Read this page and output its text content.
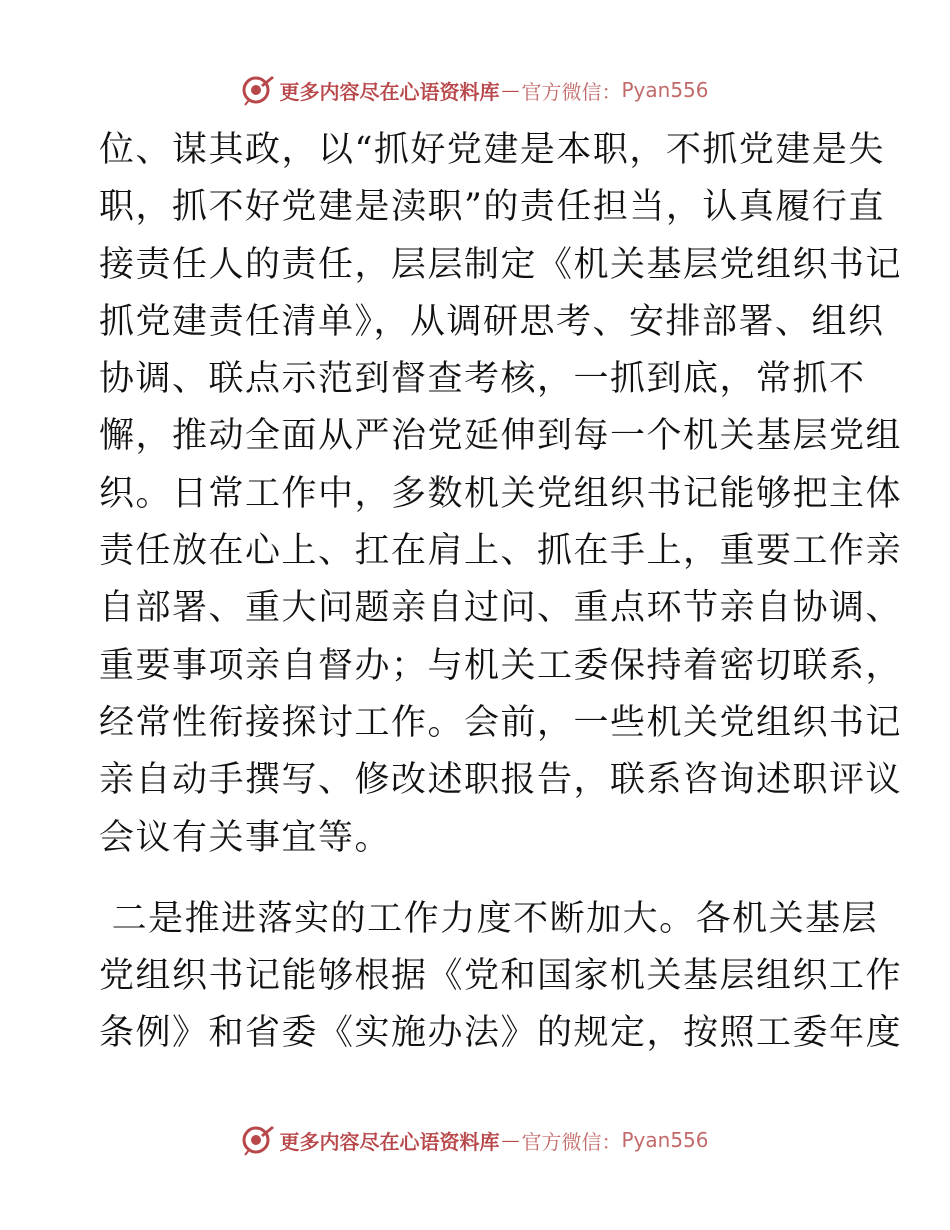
更多内容尽在心语资料库 — 官方微信： Pyan556
位、谋其政，以“抓好党建是本职，不抓党建是失
职，抓不好党建是渎职”的责任担当，认真履行直
接责任人的责任，层层制定《机关基层党组织书记
抓党建责任清单》，从调研思考、安排部署、组织
协调、联点示范到督查考核，一抓到底，常抓不
懈，推动全面从严治党延伸到每一个机关基层党组
织。日常工作中，多数机关党组织书记能够把主体
责任放在心上、扛在肩上、抓在手上，重要工作亲
自部署、重大问题亲自过问、重点环节亲自协调、
重要事项亲自督办；与机关工委保持着密切联系，
经常性衔接探讨工作。会前，一些机关党组织书记
亲自动手撰写、修改述职报告，联系咨询述职评议
会议有关事宜等。
二是推进落实的工作力度不断加大。各机关基层
党组织书记能够根据《党和国家机关基层组织工作
条例》和省委《实施办法》的规定，按照工委年度
更多内容尽在心语资料库 — 官方微信： Pyan556
